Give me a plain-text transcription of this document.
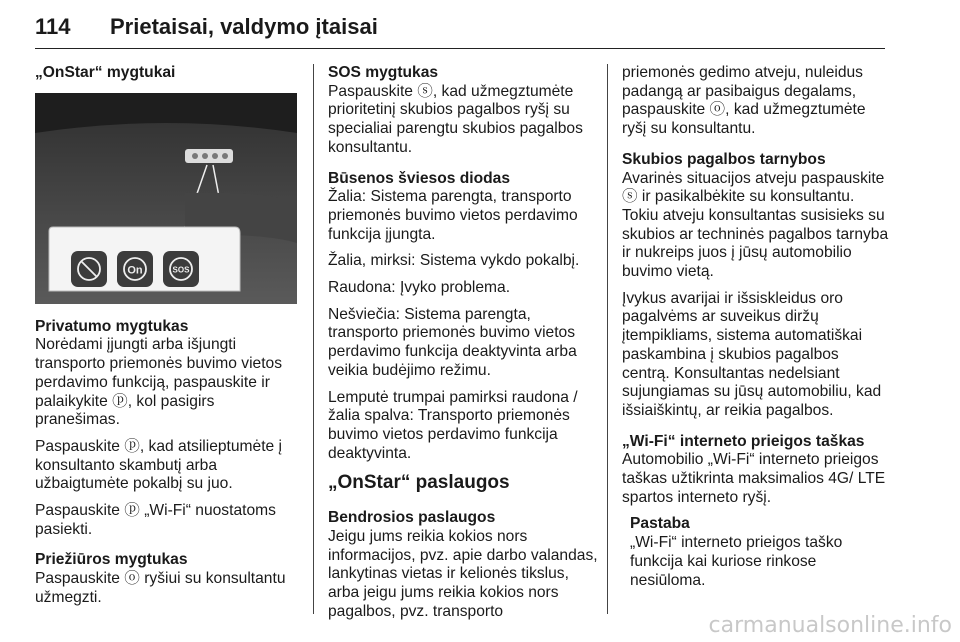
114 Prietaisai, valdymo įtaisai
„OnStar“ mygtukai
On	SOS
Privatumo mygtukas

Norėdami įjungti arba išjungti transporto priemonės buvimo vietos perdavimo funkciją, paspauskite ir palaikykite ⓟ, kol pasigirs pranešimas.

Paspauskite ⓟ, kad atsilieptumėte į konsultanto skambutį arba užbaigtumėte pokalbį su juo.

Paspauskite ⓟ „Wi-Fi“ nuostatoms pasiekti.

Priežiūros mygtukas

Paspauskite ⓞ ryšiui su konsultantu užmegzti.

SOS mygtukas

Paspauskite ⓢ, kad užmegztumėte prioritetinį skubios pagalbos ryšį su specialiai parengtu skubios pagalbos konsultantu.

Būsenos šviesos diodas

Žalia: Sistema parengta, transporto priemonės buvimo vietos perdavimo funkcija įjungta.

Žalia, mirksi: Sistema vykdo pokalbį.

Raudona: Įvyko problema.

Nešviečia: Sistema parengta, transporto priemonės buvimo vietos perdavimo funkcija deaktyvinta arba veikia budėjimo režimu.

Lemputė trumpai pamirksi raudona / žalia spalva: Transporto priemonės buvimo vietos perdavimo funkcija deaktyvinta.

„OnStar“ paslaugos
Bendrosios paslaugos

Jeigu jums reikia kokios nors informacijos, pvz. apie darbo valandas, lankytinas vietas ir kelionės tikslus, arba jeigu jums reikia kokios nors pagalbos, pvz. transporto

priemonės gedimo atveju, nuleidus padangą ar pasibaigus degalams, paspauskite ⓞ, kad užmegztumėte ryšį su konsultantu.

Skubios pagalbos tarnybos

Avarinės situacijos atveju paspauskite ⓢ ir pasikalbėkite su konsultantu. Tokiu atveju konsultantas susisieks su skubios ar techninės pagalbos tarnyba ir nukreips juos į jūsų automobilio buvimo vietą.

Įvykus avarijai ir išsiskleidus oro pagalvėms ar suveikus diržų įtempikliams, sistema automatiškai paskambina į skubios pagalbos centrą. Konsultantas nedelsiant sujungiamas su jūsų automobiliu, kad išsiaiškintų, ar reikia pagalbos.

„Wi-Fi“ interneto prieigos taškas

Automobilio „Wi-Fi“ interneto prieigos taškas užtikrinta maksimalios 4G/ LTE spartos interneto ryšį.

Pastaba

„Wi-Fi“ interneto prieigos taško funkcija kai kuriose rinkose nesiūloma.

carmanualsonline.info
